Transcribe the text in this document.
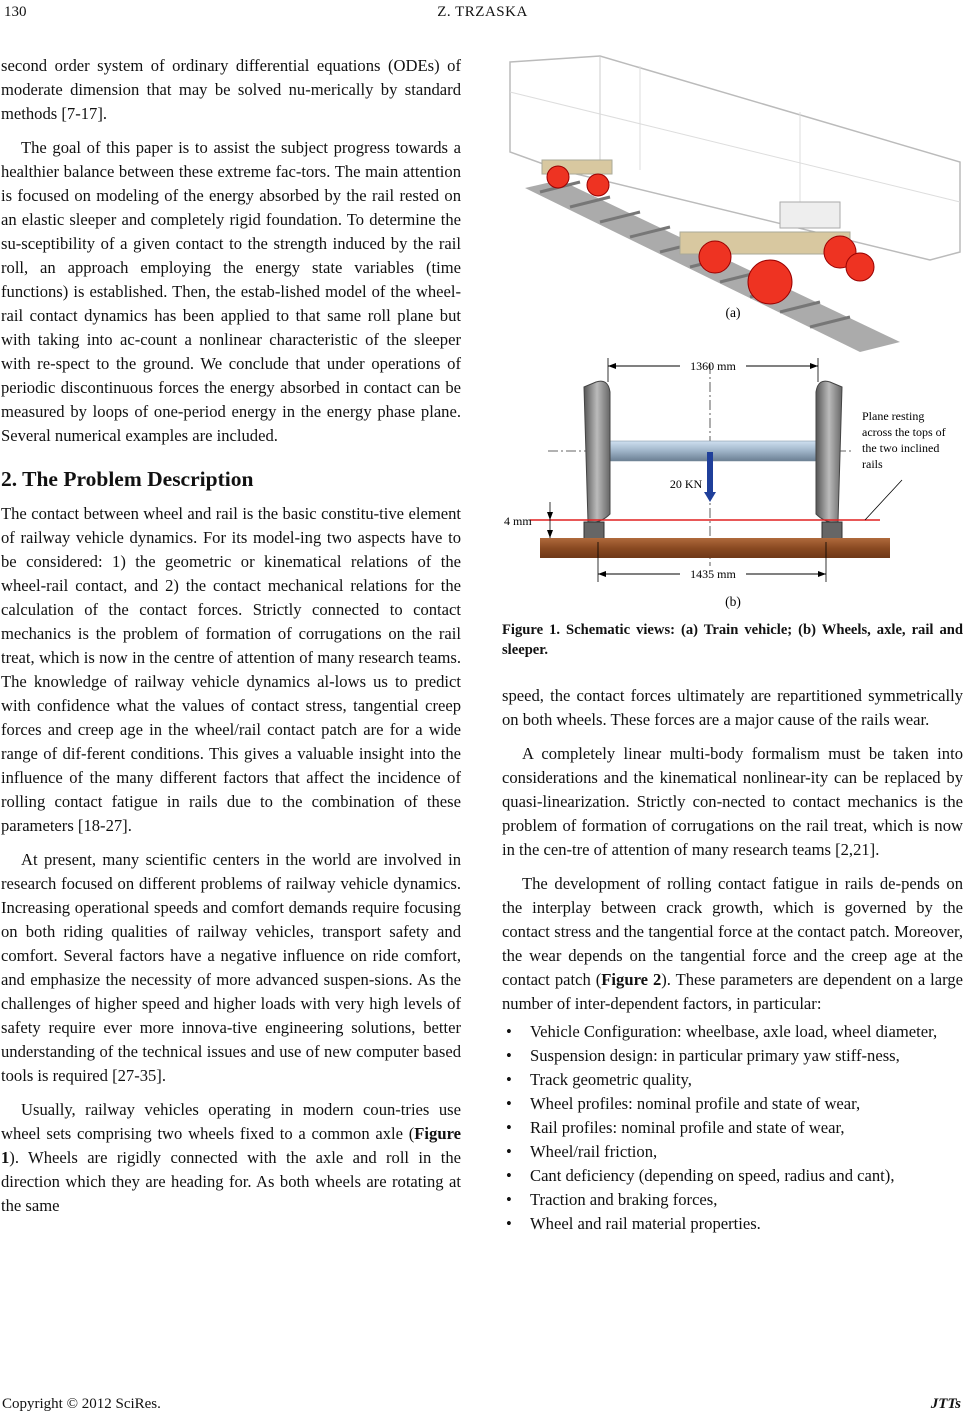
130	Z. TRZASKA

second order system of ordinary differential equations (ODEs) of moderate dimension that may be solved nu-merically by standard methods [7-17].

The goal of this paper is to assist the subject progress towards a healthier balance between these extreme fac-tors. The main attention is focused on modeling of the energy absorbed by the rail rested on an elastic sleeper and completely rigid foundation. To determine the su-sceptibility of a given contact to the strength induced by the rail roll, an approach employing the energy state variables (time functions) is established. Then, the estab-lished model of the wheel-rail contact dynamics has been applied to that same roll plane but with taking into ac-count a nonlinear characteristic of the sleeper with re-spect to the ground. We conclude that under operations of periodic discontinuous forces the energy absorbed in contact can be measured by loops of one-period energy in the energy phase plane. Several numerical examples are included.

2. The Problem Description

The contact between wheel and rail is the basic constitu-tive element of railway vehicle dynamics. For its model-ing two aspects have to be considered: 1) the geometric or kinematical relations of the wheel-rail contact, and 2) the contact mechanical relations for the calculation of the contact forces. Strictly connected to contact mechanics is the problem of formation of corrugations on the rail treat, which is now in the centre of attention of many research teams. The knowledge of railway vehicle dynamics al-lows us to predict with confidence what the values of contact stress, tangential creep forces and creep age in the wheel/rail contact patch are for a wide range of dif-ferent conditions. This gives a valuable insight into the influence of the many different factors that affect the incidence of rolling contact fatigue in rails due to the combination of these parameters [18-27].

At present, many scientific centers in the world are involved in research focused on different problems of railway vehicle dynamics. Increasing operational speeds and comfort demands require focusing on both riding qualities of railway vehicles, transport safety and comfort. Several factors have a negative influence on ride comfort, and emphasize the necessity of more advanced suspen-sions. As the challenges of higher speed and higher loads with very high levels of safety require ever more innova-tive engineering solutions, better understanding of the technical issues and use of new computer based tools is required [27-35].

Usually, railway vehicles operating in modern coun-tries use wheel sets comprising two wheels fixed to a common axle (Figure 1). Wheels are rigidly connected with the axle and roll in the direction which they are heading for. As both wheels are rotating at the same

(a)
1360 mm
1435 mm
20 KN
4 mm
Plane resting across the tops of the two inclined rails
(b)
Figure 1. Schematic views: (a) Train vehicle; (b) Wheels, axle, rail and sleeper.

speed, the contact forces ultimately are repartitioned symmetrically on both wheels. These forces are a major cause of the rails wear.

A completely linear multi-body formalism must be taken into considerations and the kinematical nonlinear-ity can be replaced by quasi-linearization. Strictly con-nected to contact mechanics is the problem of formation of corrugations on the rail treat, which is now in the cen-tre of attention of many research teams [2,21].

The development of rolling contact fatigue in rails de-pends on the interplay between crack growth, which is governed by the contact stress and the tangential force at the contact patch. Moreover, the wear depends on the tangential force and the creep age at the contact patch (Figure 2). These parameters are dependent on a large number of inter-dependent factors, in particular:

• Vehicle Configuration: wheelbase, axle load, wheel diameter,
• Suspension design: in particular primary yaw stiff-ness,
• Track geometric quality,
• Wheel profiles: nominal profile and state of wear,
• Rail profiles: nominal profile and state of wear,
• Wheel/rail friction,
• Cant deficiency (depending on speed, radius and cant),
• Traction and braking forces,
• Wheel and rail material properties.
Copyright © 2012 SciRes.	JTTs
